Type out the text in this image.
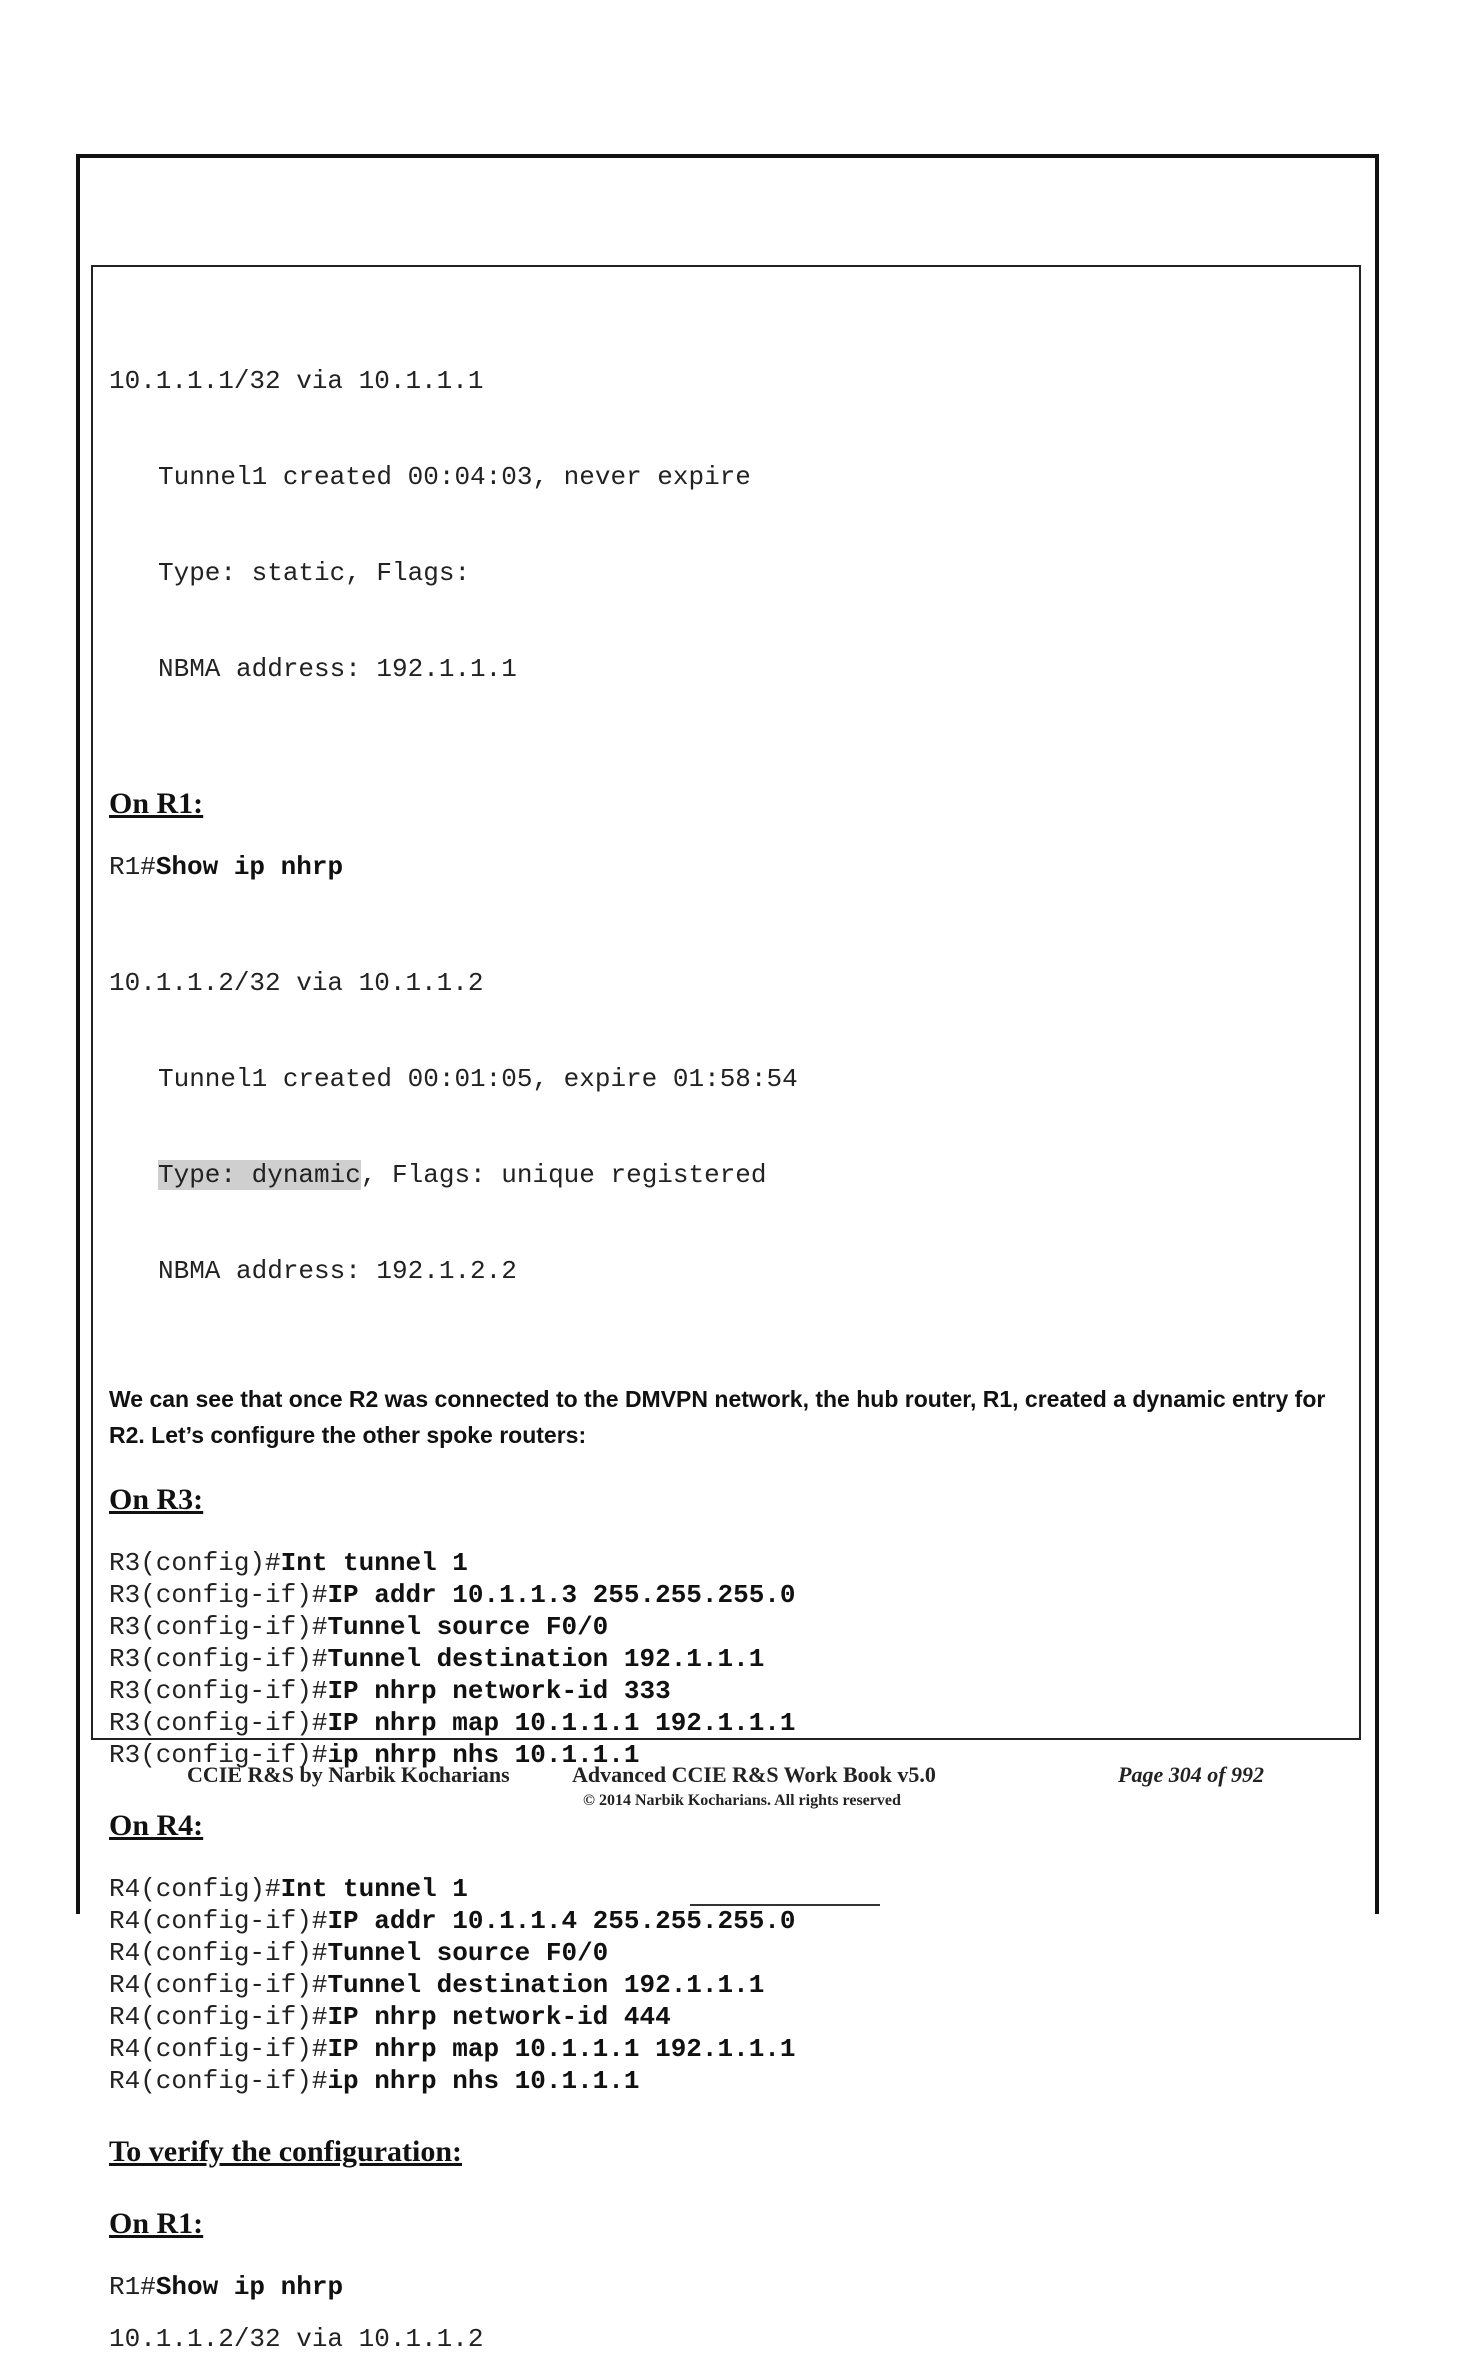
10.1.1.1/32 via 10.1.1.1

Tunnel1 created 00:04:03, never expire

Type: static, Flags:

NBMA address: 192.1.1.1

On R1:
R1#Show ip nhrp

10.1.1.2/32 via 10.1.1.2

Tunnel1 created 00:01:05, expire 01:58:54

Type: dynamic, Flags: unique registered

NBMA address: 192.1.2.2

We can see that once R2 was connected to the DMVPN network, the hub router, R1, created a dynamic entry for R2. Let’s configure the other spoke routers:
On R3:
R3(config)#Int tunnel 1
R3(config-if)#IP addr 10.1.1.3 255.255.255.0
R3(config-if)#Tunnel source F0/0
R3(config-if)#Tunnel destination 192.1.1.1
R3(config-if)#IP nhrp network-id 333
R3(config-if)#IP nhrp map 10.1.1.1 192.1.1.1
R3(config-if)#ip nhrp nhs 10.1.1.1
On R4:
R4(config)#Int tunnel 1
R4(config-if)#IP addr 10.1.1.4 255.255.255.0
R4(config-if)#Tunnel source F0/0
R4(config-if)#Tunnel destination 192.1.1.1
R4(config-if)#IP nhrp network-id 444
R4(config-if)#IP nhrp map 10.1.1.1 192.1.1.1
R4(config-if)#ip nhrp nhs 10.1.1.1
To verify the configuration:
On R1:
R1#Show ip nhrp
10.1.1.2/32 via 10.1.1.2
CCIE R&S by Narbik Kocharians	Advanced CCIE R&S Work Book v5.0
© 2014 Narbik Kocharians. All rights reserved
Page 304 of 992
